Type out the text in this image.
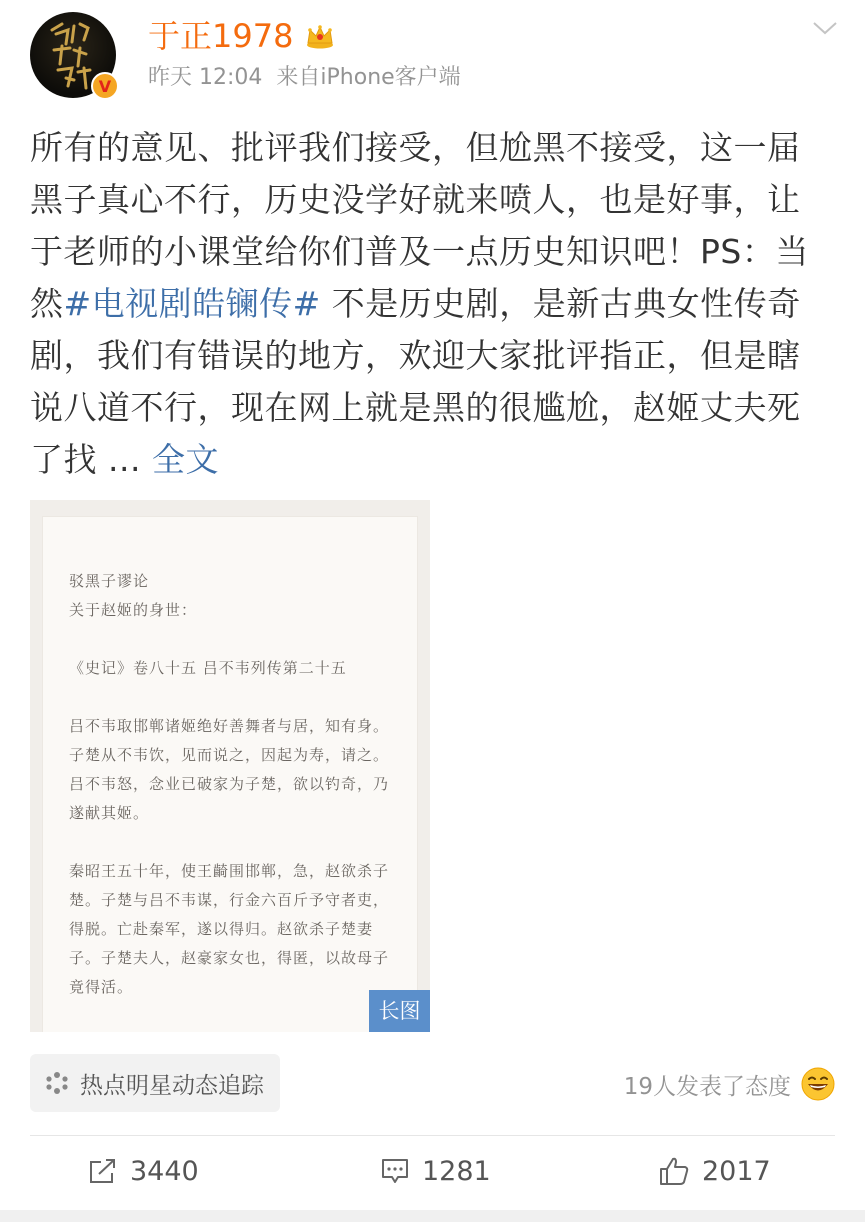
V
于正1978
昨天 12:04 来自iPhone客户端
所有的意见、批评我们接受，但尬黑不接受，这一届黑子真心不行，历史没学好就来喷人，也是好事，让于老师的小课堂给你们普及一点历史知识吧！PS：当然#电视剧皓镧传# 不是历史剧，是新古典女性传奇剧，我们有错误的地方，欢迎大家批评指正，但是瞎说八道不行，现在网上就是黑的很尴尬，赵姬丈夫死了找 ... 全文

驳黑子谬论
关于赵姬的身世：

《史记》卷八十五 吕不韦列传第二十五

吕不韦取邯郸诸姬绝好善舞者与居，知有身。子楚从不韦饮，见而说之，因起为寿，请之。吕不韦怒，念业已破家为子楚，欲以钓奇，乃遂献其姬。

秦昭王五十年，使王齮围邯郸，急，赵欲杀子楚。子楚与吕不韦谋，行金六百斤予守者吏，得脱。亡赴秦军，遂以得归。赵欲杀子楚妻子。子楚夫人，赵豪家女也，得匿，以故母子竟得活。

长图
热点明星动态追踪	19人发表了态度
3440	1281	2017
